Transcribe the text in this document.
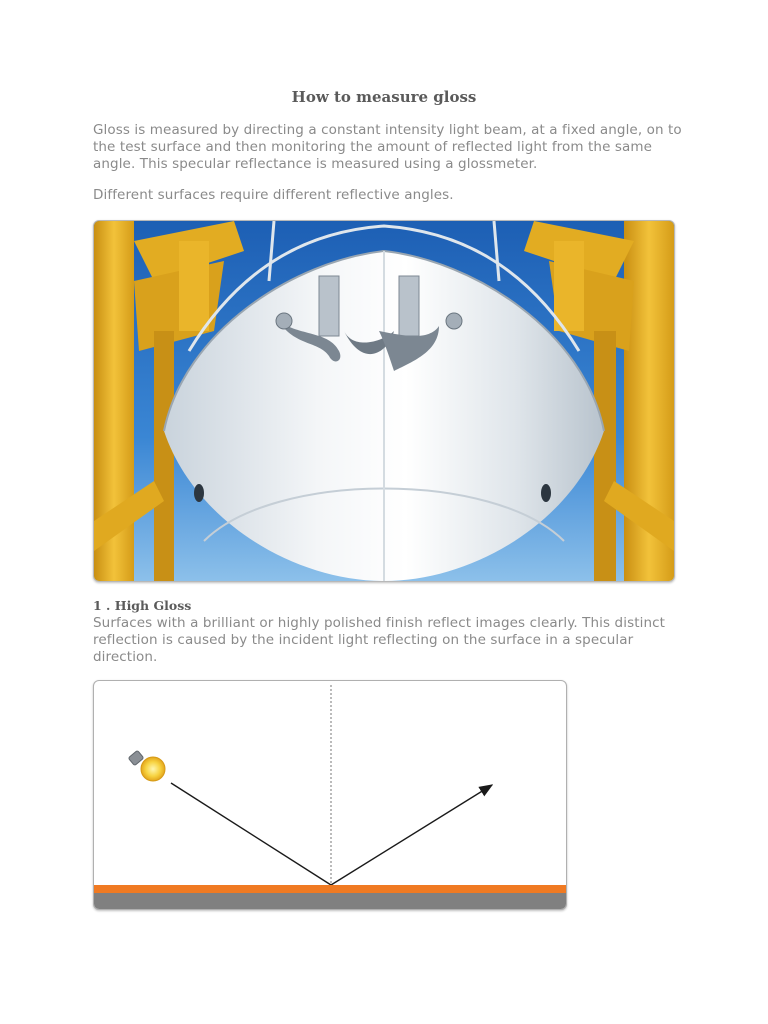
How to measure gloss
Gloss is measured by directing a constant intensity light beam, at a fixed angle, on to the test surface and then monitoring the amount of reflected light from the same angle. This specular reflectance is measured using a glossmeter.
Different surfaces require different reflective angles.
1 . High Gloss
Surfaces with a brilliant or highly polished finish reflect images clearly. This distinct reflection is caused by the incident light reflecting on the surface in a specular direction.
